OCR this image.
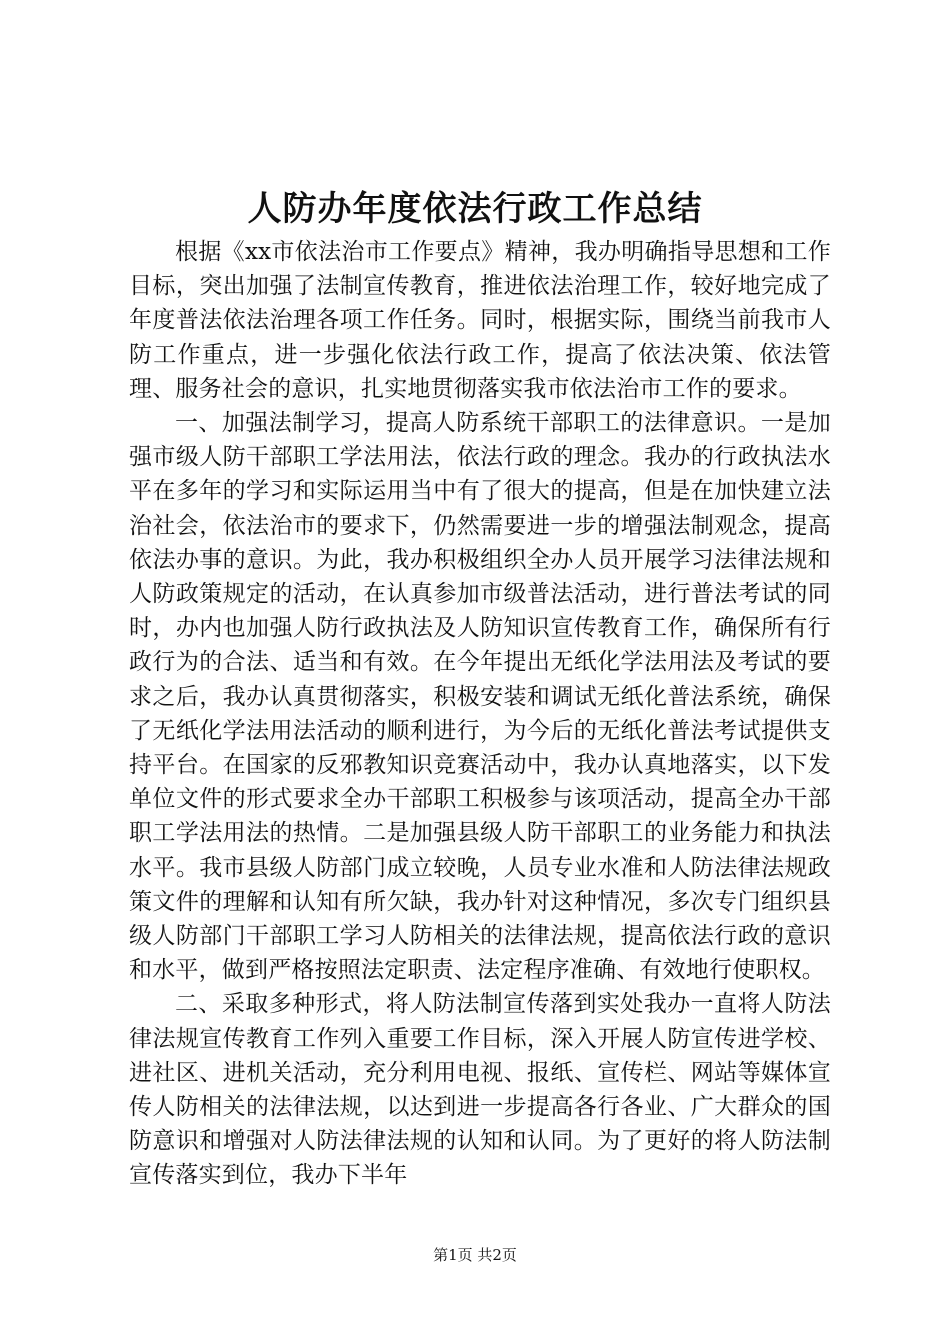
人防办年度依法行政工作总结

根据《xx市依法治市工作要点》精神，我办明确指导思想和工作目标，突出加强了法制宣传教育，推进依法治理工作，较好地完成了年度普法依法治理各项工作任务。同时，根据实际，围绕当前我市人防工作重点，进一步强化依法行政工作，提高了依法决策、依法管理、服务社会的意识，扎实地贯彻落实我市依法治市工作的要求。

一、加强法制学习，提高人防系统干部职工的法律意识。一是加强市级人防干部职工学法用法，依法行政的理念。我办的行政执法水平在多年的学习和实际运用当中有了很大的提高，但是在加快建立法治社会，依法治市的要求下，仍然需要进一步的增强法制观念，提高依法办事的意识。为此，我办积极组织全办人员开展学习法律法规和人防政策规定的活动，在认真参加市级普法活动，进行普法考试的同时，办内也加强人防行政执法及人防知识宣传教育工作，确保所有行政行为的合法、适当和有效。在今年提出无纸化学法用法及考试的要求之后，我办认真贯彻落实，积极安装和调试无纸化普法系统，确保了无纸化学法用法活动的顺利进行，为今后的无纸化普法考试提供支持平台。在国家的反邪教知识竞赛活动中，我办认真地落实，以下发单位文件的形式要求全办干部职工积极参与该项活动，提高全办干部职工学法用法的热情。二是加强县级人防干部职工的业务能力和执法水平。我市县级人防部门成立较晚，人员专业水准和人防法律法规政策文件的理解和认知有所欠缺，我办针对这种情况，多次专门组织县级人防部门干部职工学习人防相关的法律法规，提高依法行政的意识和水平，做到严格按照法定职责、法定程序准确、有效地行使职权。

二、采取多种形式，将人防法制宣传落到实处我办一直将人防法律法规宣传教育工作列入重要工作目标，深入开展人防宣传进学校、进社区、进机关活动，充分利用电视、报纸、宣传栏、网站等媒体宣传人防相关的法律法规，以达到进一步提高各行各业、广大群众的国防意识和增强对人防法律法规的认知和认同。为了更好的将人防法制宣传落实到位，我办下半年

第1页 共2页
